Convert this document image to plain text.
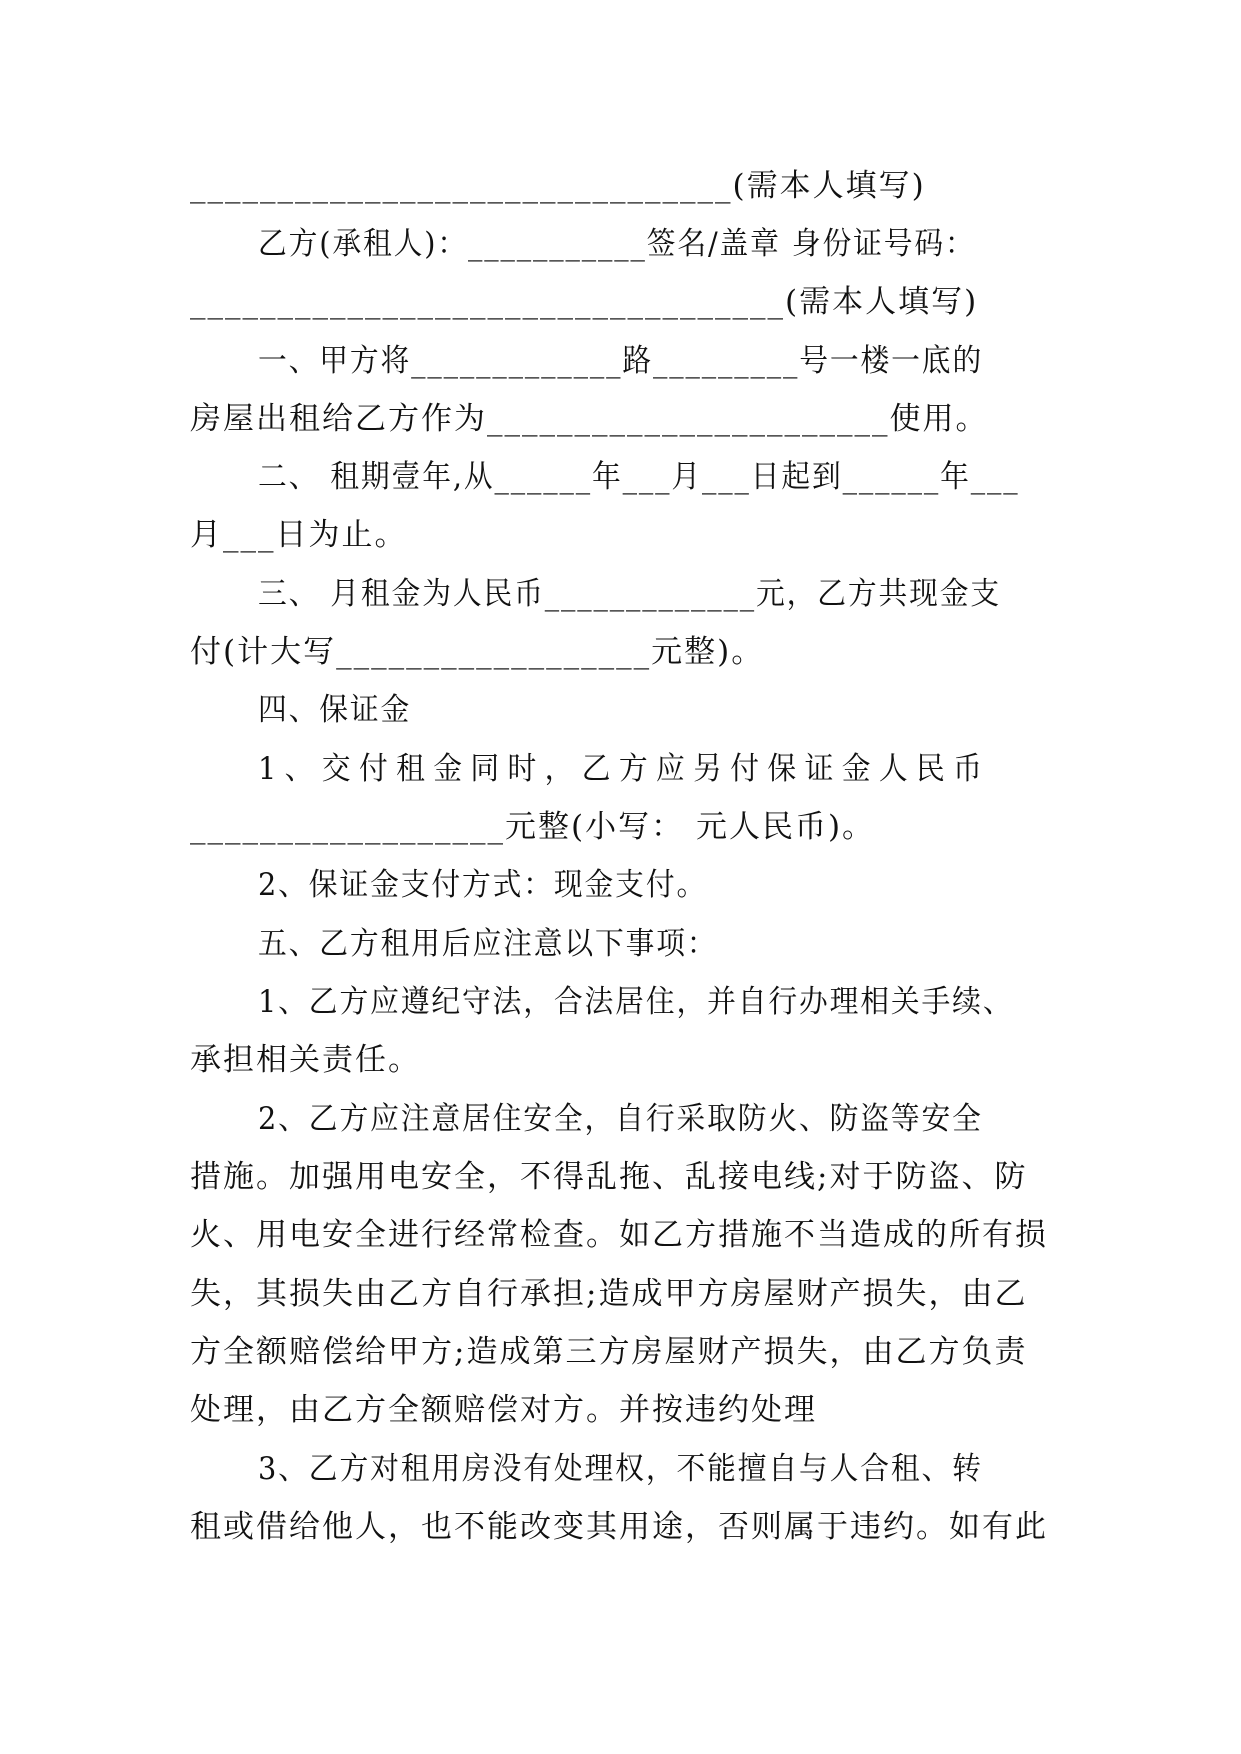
_______________________________(需本人填写)
乙方(承租人)：___________签名/盖章 身份证号码：
__________________________________(需本人填写)
一、甲方将_____________路_________号一楼一底的
房屋出租给乙方作为_______________________使用。
二、 租期壹年,从______年___月___日起到______年___
月___日为止。
三、 月租金为人民币_____________元，乙方共现金支
付(计大写__________________元整)。
四、保证金
1、交付租金同时，乙方应另付保证金人民币
__________________元整(小写： 元人民币)。
2、保证金支付方式：现金支付。
五、乙方租用后应注意以下事项：
1、乙方应遵纪守法，合法居住，并自行办理相关手续、
承担相关责任。
2、乙方应注意居住安全，自行采取防火、防盗等安全
措施。加强用电安全，不得乱拖、乱接电线;对于防盗、防
火、用电安全进行经常检查。如乙方措施不当造成的所有损
失，其损失由乙方自行承担;造成甲方房屋财产损失，由乙
方全额赔偿给甲方;造成第三方房屋财产损失，由乙方负责
处理，由乙方全额赔偿对方。并按违约处理
3、乙方对租用房没有处理权，不能擅自与人合租、转
租或借给他人，也不能改变其用途，否则属于违约。如有此
